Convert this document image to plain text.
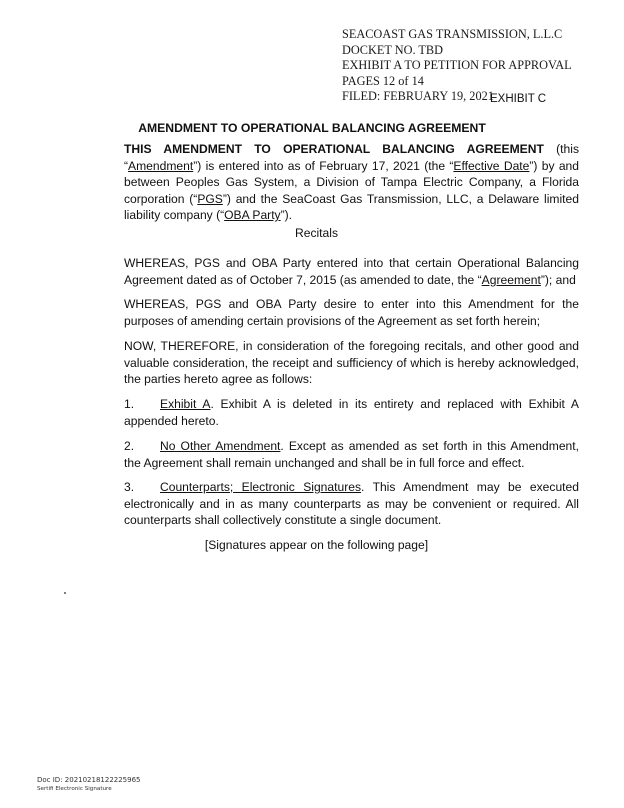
SEACOAST GAS TRANSMISSION, L.L.C
DOCKET NO. TBD
EXHIBIT A TO PETITION FOR APPROVAL
PAGES 12 of 14
FILED: FEBRUARY 19, 2021
EXHIBIT C
AMENDMENT TO OPERATIONAL BALANCING AGREEMENT
THIS AMENDMENT TO OPERATIONAL BALANCING AGREEMENT (this “Amendment”) is entered into as of February 17, 2021 (the “Effective Date”) by and between Peoples Gas System, a Division of Tampa Electric Company, a Florida corporation (“PGS”) and the SeaCoast Gas Transmission, LLC, a Delaware limited liability company (“OBA Party”).
Recitals
WHEREAS, PGS and OBA Party entered into that certain Operational Balancing Agreement dated as of October 7, 2015 (as amended to date, the “Agreement”); and
WHEREAS, PGS and OBA Party desire to enter into this Amendment for the purposes of amending certain provisions of the Agreement as set forth herein;
NOW, THEREFORE, in consideration of the foregoing recitals, and other good and valuable consideration, the receipt and sufficiency of which is hereby acknowledged, the parties hereto agree as follows:
1. Exhibit A. Exhibit A is deleted in its entirety and replaced with Exhibit A appended hereto.
2. No Other Amendment. Except as amended as set forth in this Amendment, the Agreement shall remain unchanged and shall be in full force and effect.
3. Counterparts; Electronic Signatures. This Amendment may be executed electronically and in as many counterparts as may be convenient or required. All counterparts shall collectively constitute a single document.
[Signatures appear on the following page]
Doc ID: 20210218122225965
Sertifi Electronic Signature
